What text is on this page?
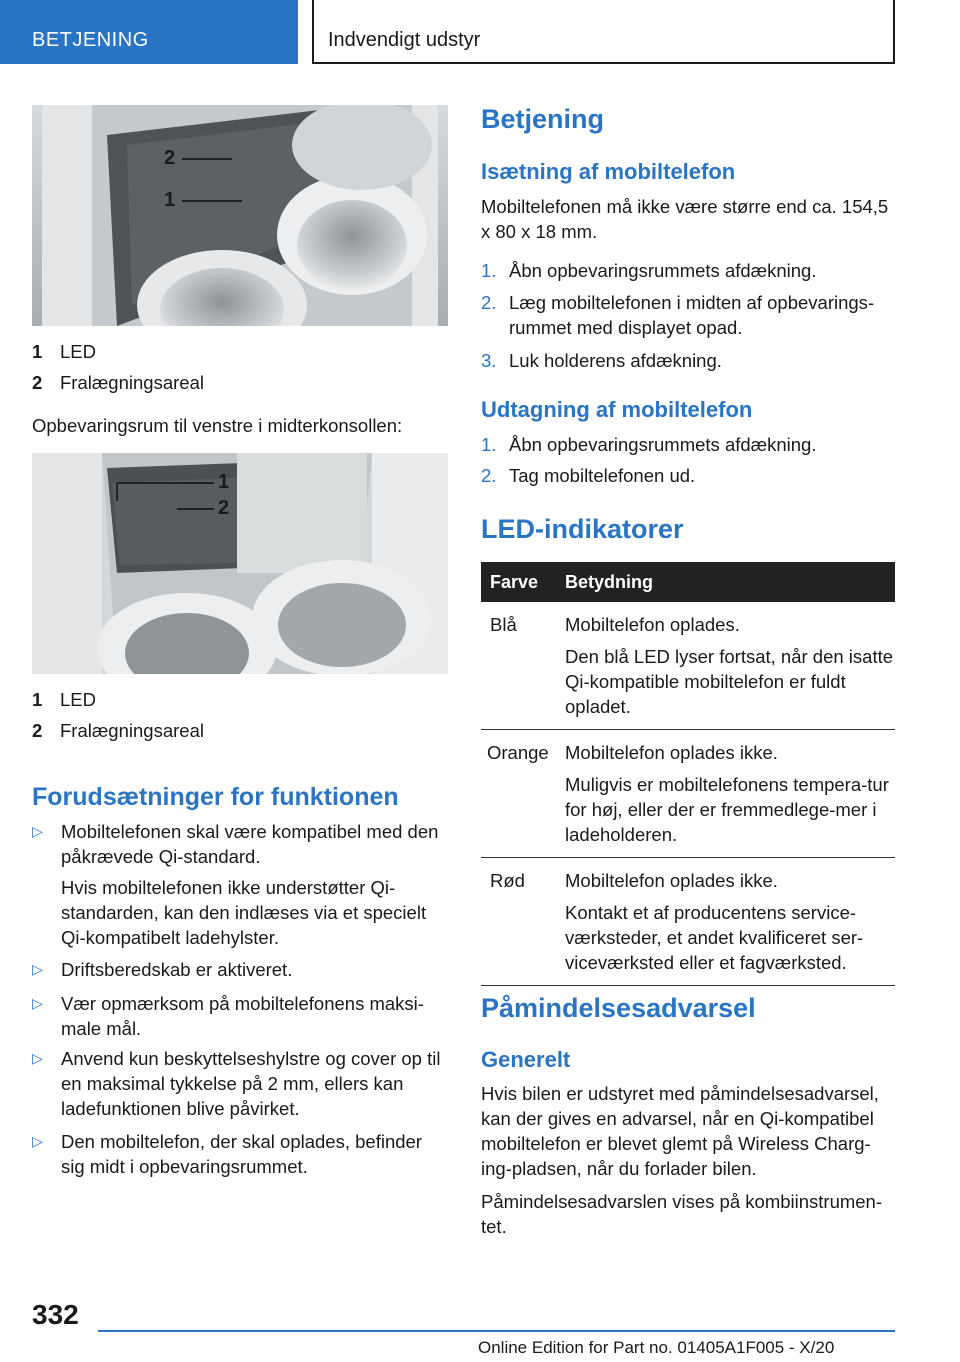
BETJENING	Indvendigt udstyr
2
1
1 LED
2 Fralægningsareal
Opbevaringsrum til venstre i midterkonsollen:
1
2
1 LED
2 Fralægningsareal
Forudsætninger for funktionen
▷ Mobiltelefonen skal være kompatibel med den påkrævede Qi-standard.
Hvis mobiltelefonen ikke understøtter Qi-standarden, kan den indlæses via et specielt Qi-kompatibelt ladehylster.
▷ Driftsberedskab er aktiveret.
▷ Vær opmærksom på mobiltelefonens maksi-male mål.
▷ Anvend kun beskyttelseshylstre og cover op til en maksimal tykkelse på 2 mm, ellers kan ladefunktionen blive påvirket.
▷ Den mobiltelefon, der skal oplades, befinder sig midt i opbevaringsrummet.
Betjening
Isætning af mobiltelefon
Mobiltelefonen må ikke være større end ca. 154,5 x 80 x 18 mm.
1. Åbn opbevaringsrummets afdækning.
2. Læg mobiltelefonen i midten af opbevarings-rummet med displayet opad.
3. Luk holderens afdækning.
Udtagning af mobiltelefon
1. Åbn opbevaringsrummets afdækning.
2. Tag mobiltelefonen ud.
LED-indikatorer
Farve Betydning
Blå	Mobiltelefon oplades.
Den blå LED lyser fortsat, når den isatte Qi-kompatible mobiltelefon er fuldt opladet.
Orange Mobiltelefon oplades ikke.
Muligvis er mobiltelefonens tempera-tur for høj, eller der er fremmedlege-mer i ladeholderen.
Rød Mobiltelefon oplades ikke.
Kontakt et af producentens service-værksteder, et andet kvalificeret ser-viceværksted eller et fagværksted.
Påmindelsesadvarsel
Generelt
Hvis bilen er udstyret med påmindelsesadvarsel, kan der gives en advarsel, når en Qi-kompatibel mobiltelefon er blevet glemt på Wireless Charg-ing-pladsen, når du forlader bilen.
Påmindelsesadvarslen vises på kombiinstrumen-tet.
332
Online Edition for Part no. 01405A1F005 - X/20
